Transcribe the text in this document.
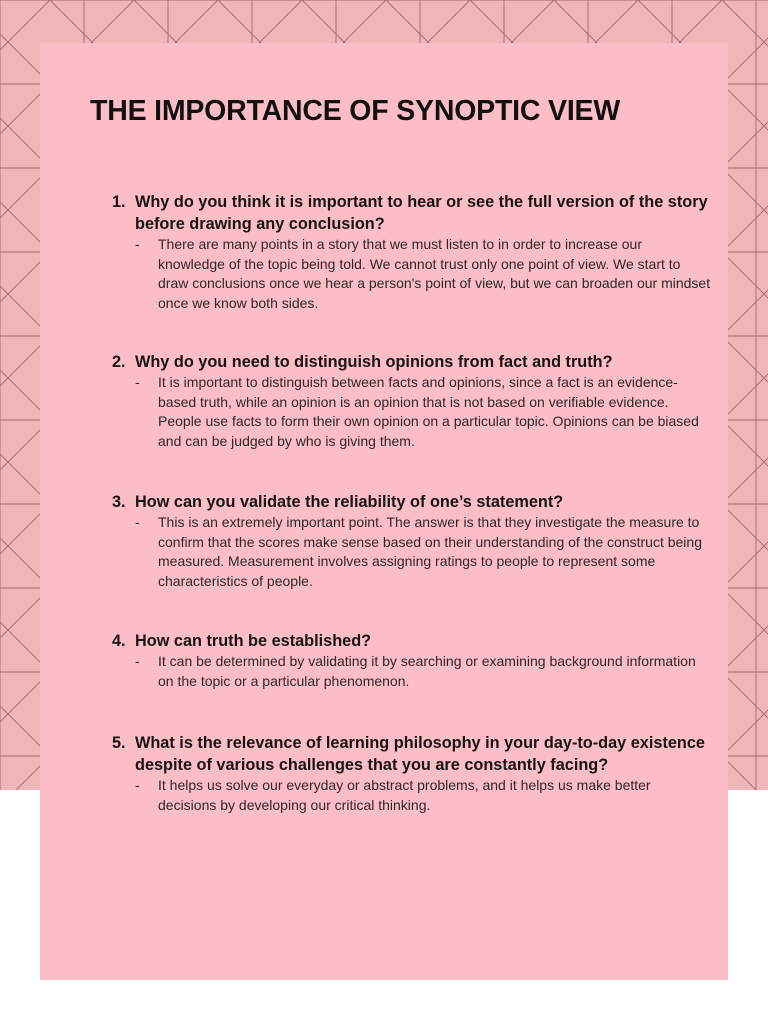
THE IMPORTANCE OF SYNOPTIC VIEW
1. Why do you think it is important to hear or see the full version of the story before drawing any conclusion?
- There are many points in a story that we must listen to in order to increase our knowledge of the topic being told. We cannot trust only one point of view. We start to draw conclusions once we hear a person's point of view, but we can broaden our mindset once we know both sides.
2. Why do you need to distinguish opinions from fact and truth?
- It is important to distinguish between facts and opinions, since a fact is an evidence-based truth, while an opinion is an opinion that is not based on verifiable evidence. People use facts to form their own opinion on a particular topic. Opinions can be biased and can be judged by who is giving them.
3. How can you validate the reliability of one’s statement?
- This is an extremely important point. The answer is that they investigate the measure to confirm that the scores make sense based on their understanding of the construct being measured. Measurement involves assigning ratings to people to represent some characteristics of people.
4. How can truth be established?
- It can be determined by validating it by searching or examining background information on the topic or a particular phenomenon.
5. What is the relevance of learning philosophy in your day-to-day existence despite of various challenges that you are constantly facing?
- It helps us solve our everyday or abstract problems, and it helps us make better decisions by developing our critical thinking.
